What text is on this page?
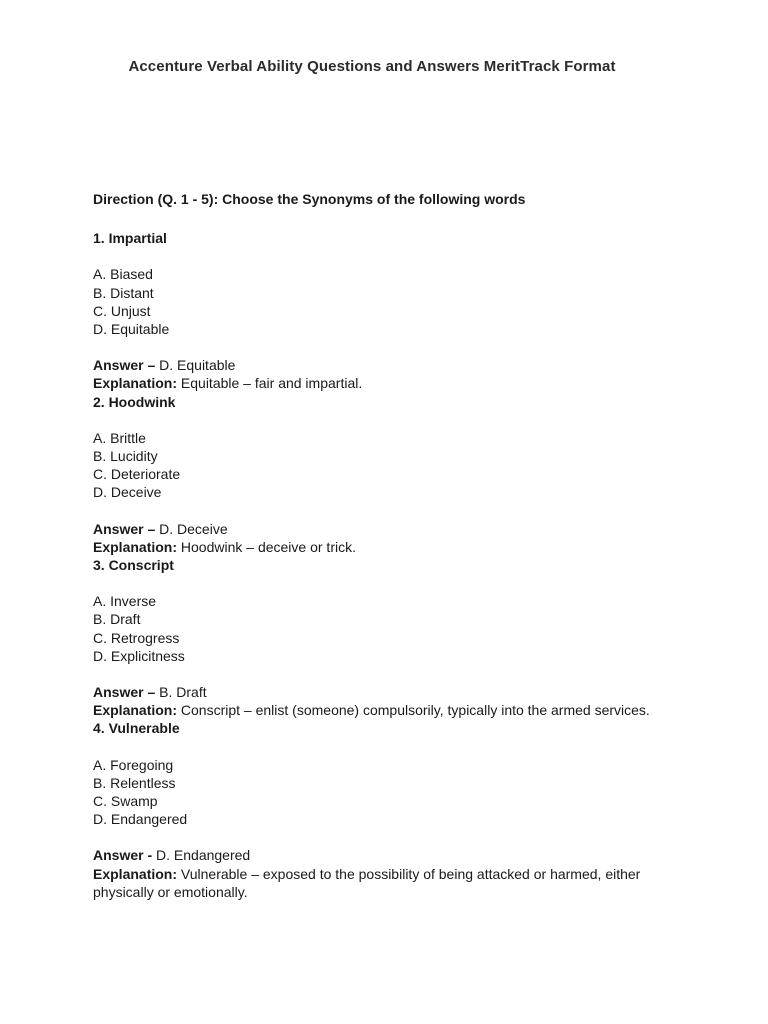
Accenture Verbal Ability Questions and Answers MeritTrack Format

Direction (Q. 1 - 5): Choose the Synonyms of the following words

1. Impartial

A. Biased
B. Distant
C. Unjust
D. Equitable

Answer – D. Equitable

Explanation: Equitable – fair and impartial.

2. Hoodwink

A. Brittle
B. Lucidity
C. Deteriorate
D. Deceive

Answer – D. Deceive

Explanation: Hoodwink – deceive or trick.

3. Conscript

A. Inverse
B. Draft
C. Retrogress
D. Explicitness

Answer – B. Draft

Explanation: Conscript – enlist (someone) compulsorily, typically into the armed services.

4. Vulnerable

A. Foregoing
B. Relentless
C. Swamp
D. Endangered

Answer - D. Endangered

Explanation: Vulnerable – exposed to the possibility of being attacked or harmed, either physically or emotionally.
